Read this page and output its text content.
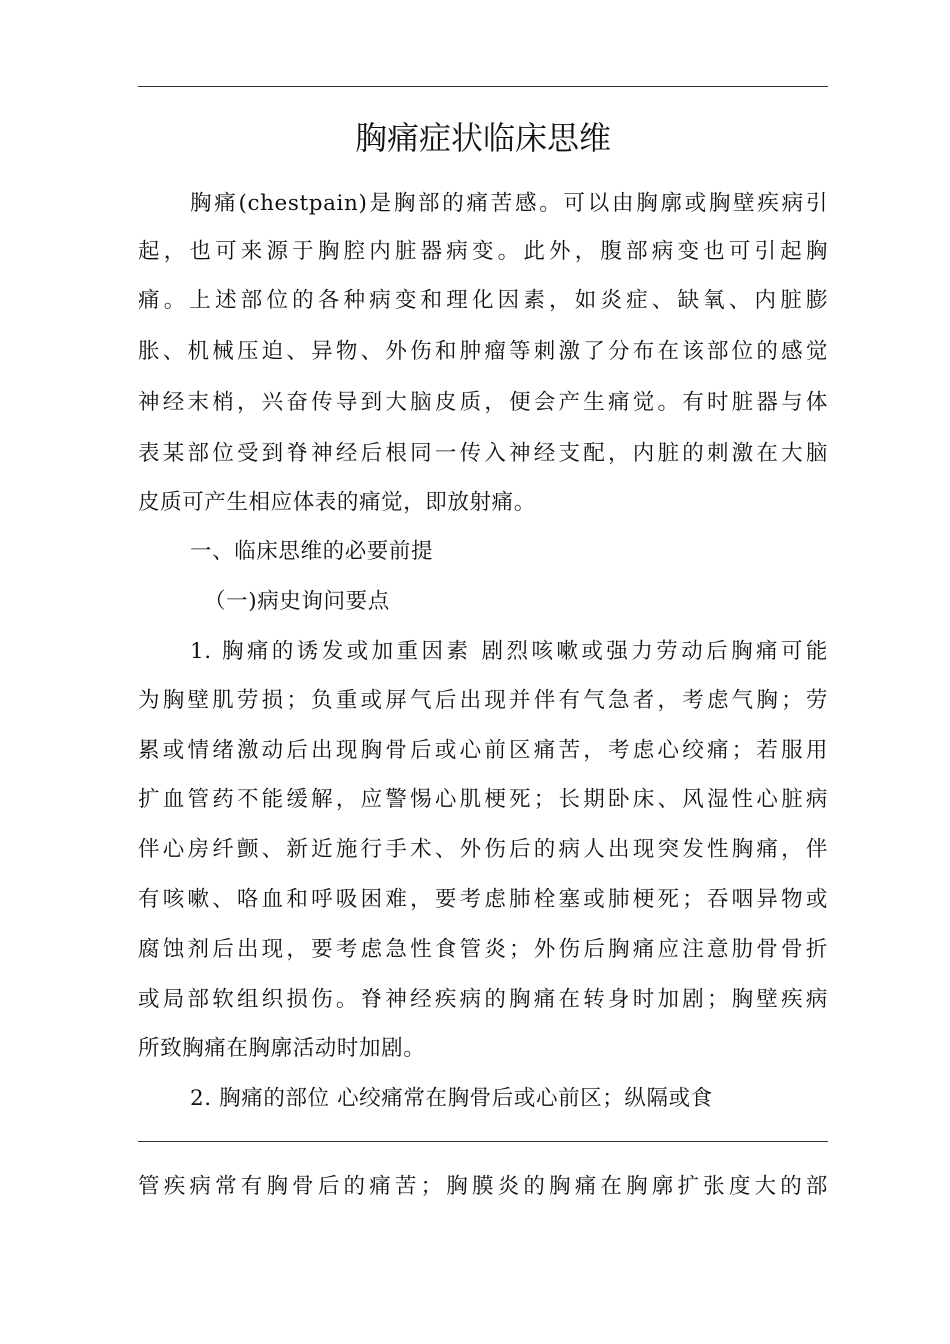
胸痛症状临床思维
胸痛(chestpain)是胸部的痛苦感。可以由胸廓或胸壁疾病引
起，也可来源于胸腔内脏器病变。此外，腹部病变也可引起胸
痛。上述部位的各种病变和理化因素，如炎症、缺氧、内脏膨
胀、机械压迫、异物、外伤和肿瘤等刺激了分布在该部位的感觉
神经末梢，兴奋传导到大脑皮质，便会产生痛觉。有时脏器与体
表某部位受到脊神经后根同一传入神经支配，内脏的刺激在大脑
皮质可产生相应体表的痛觉，即放射痛。
一、临床思维的必要前提
（一)病史询问要点
1. 胸痛的诱发或加重因素 剧烈咳嗽或强力劳动后胸痛可能
为胸壁肌劳损；负重或屏气后出现并伴有气急者，考虑气胸；劳
累或情绪激动后出现胸骨后或心前区痛苦，考虑心绞痛；若服用
扩血管药不能缓解，应警惕心肌梗死；长期卧床、风湿性心脏病
伴心房纤颤、新近施行手术、外伤后的病人出现突发性胸痛，伴
有咳嗽、咯血和呼吸困难，要考虑肺栓塞或肺梗死；吞咽异物或
腐蚀剂后出现，要考虑急性食管炎；外伤后胸痛应注意肋骨骨折
或局部软组织损伤。脊神经疾病的胸痛在转身时加剧；胸壁疾病
所致胸痛在胸廓活动时加剧。
2. 胸痛的部位 心绞痛常在胸骨后或心前区；纵隔或食
管疾病常有胸骨后的痛苦；胸膜炎的胸痛在胸廓扩张度大的部
